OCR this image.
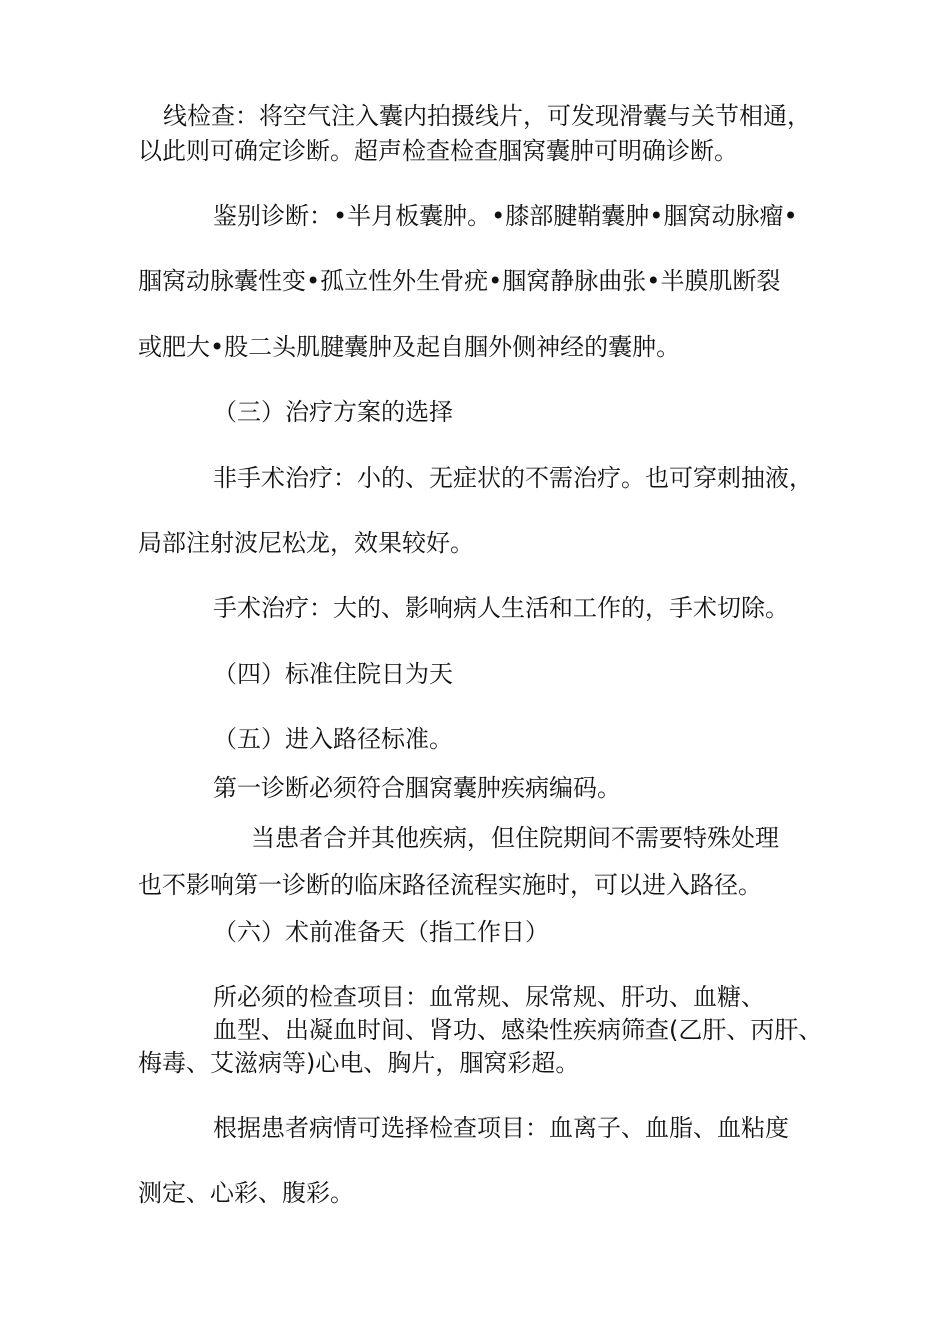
线检查：将空气注入囊内拍摄线片，可发现滑囊与关节相通，
以此则可确定诊断。超声检查检查腘窝囊肿可明确诊断。
鉴别诊断：•半月板囊肿。•膝部腱鞘囊肿•腘窝动脉瘤•
腘窝动脉囊性变•孤立性外生骨疣•腘窝静脉曲张•半膜肌断裂
或肥大•股二头肌腱囊肿及起自腘外侧神经的囊肿。
（三）治疗方案的选择
非手术治疗：小的、无症状的不需治疗。也可穿刺抽液，
局部注射波尼松龙，效果较好。
手术治疗：大的、影响病人生活和工作的，手术切除。
（四）标准住院日为天
（五）进入路径标准。
第一诊断必须符合腘窝囊肿疾病编码。
当患者合并其他疾病，但住院期间不需要特殊处理
也不影响第一诊断的临床路径流程实施时，可以进入路径。
（六）术前准备天（指工作日）
所必须的检查项目：血常规、尿常规、肝功、血糖、
血型、出凝血时间、肾功、感染性疾病筛查(乙肝、丙肝、
梅毒、艾滋病等)心电、胸片，腘窝彩超。
根据患者病情可选择检查项目：血离子、血脂、血粘度
测定、心彩、腹彩。
